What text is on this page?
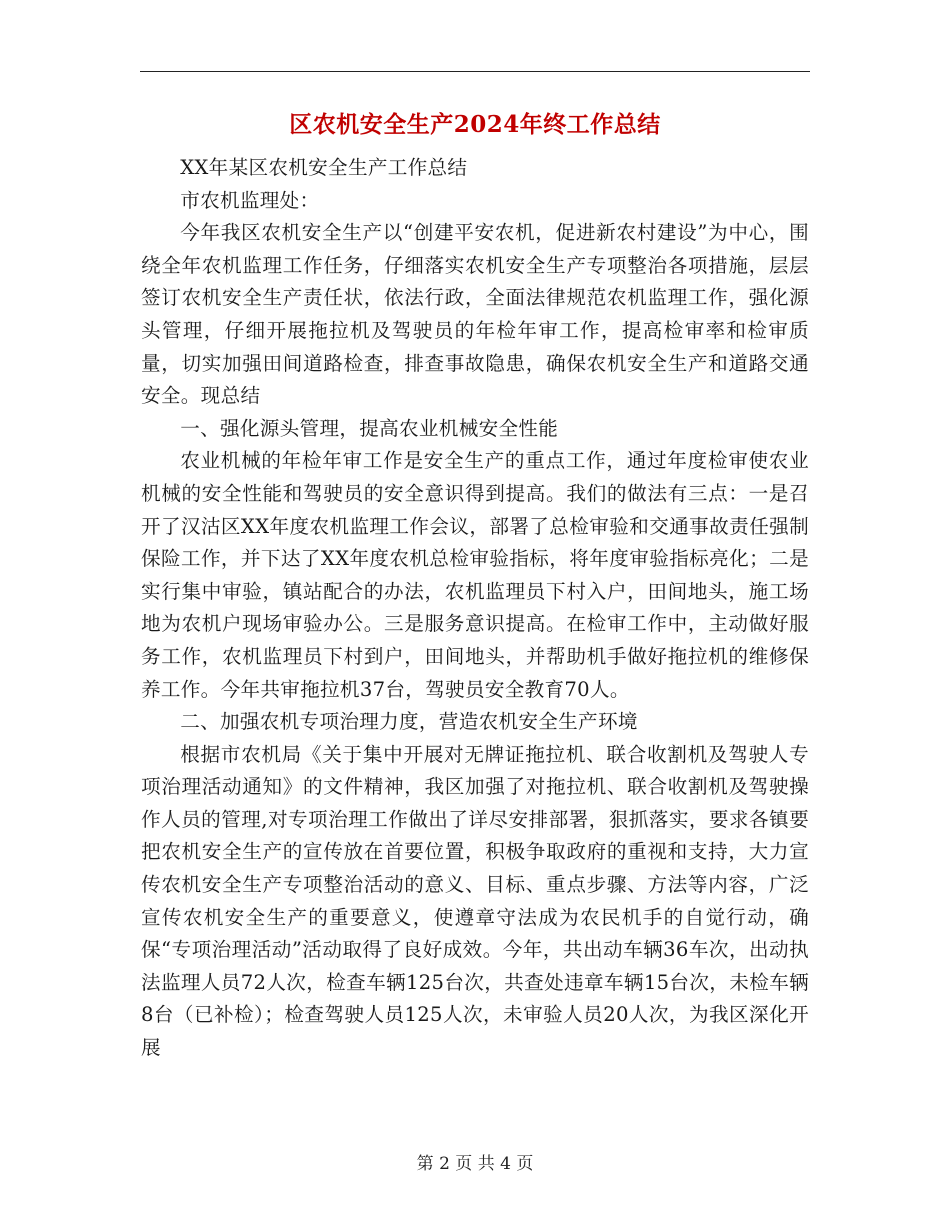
区农机安全生产2024年终工作总结

XX年某区农机安全生产工作总结

市农机监理处：

今年我区农机安全生产以“创建平安农机，促进新农村建设”为中心，围绕全年农机监理工作任务，仔细落实农机安全生产专项整治各项措施，层层签订农机安全生产责任状，依法行政，全面法律规范农机监理工作，强化源头管理，仔细开展拖拉机及驾驶员的年检年审工作，提高检审率和检审质量，切实加强田间道路检查，排查事故隐患，确保农机安全生产和道路交通安全。现总结

一、强化源头管理，提高农业机械安全性能

农业机械的年检年审工作是安全生产的重点工作，通过年度检审使农业机械的安全性能和驾驶员的安全意识得到提高。我们的做法有三点：一是召开了汉沽区XX年度农机监理工作会议，部署了总检审验和交通事故责任强制保险工作，并下达了XX年度农机总检审验指标，将年度审验指标亮化；二是实行集中审验，镇站配合的办法，农机监理员下村入户，田间地头，施工场地为农机户现场审验办公。三是服务意识提高。在检审工作中，主动做好服务工作，农机监理员下村到户，田间地头，并帮助机手做好拖拉机的维修保养工作。今年共审拖拉机37台，驾驶员安全教育70人。

二、加强农机专项治理力度，营造农机安全生产环境

根据市农机局《关于集中开展对无牌证拖拉机、联合收割机及驾驶人专项治理活动通知》的文件精神，我区加强了对拖拉机、联合收割机及驾驶操作人员的管理,对专项治理工作做出了详尽安排部署，狠抓落实，要求各镇要把农机安全生产的宣传放在首要位置，积极争取政府的重视和支持，大力宣传农机安全生产专项整治活动的意义、目标、重点步骤、方法等内容，广泛宣传农机安全生产的重要意义，使遵章守法成为农民机手的自觉行动，确保“专项治理活动”活动取得了良好成效。今年，共出动车辆36车次，出动执法监理人员72人次，检查车辆125台次，共查处违章车辆15台次，未检车辆8台（已补检）；检查驾驶人员125人次，未审验人员20人次，为我区深化开展

第 2 页 共 4 页
